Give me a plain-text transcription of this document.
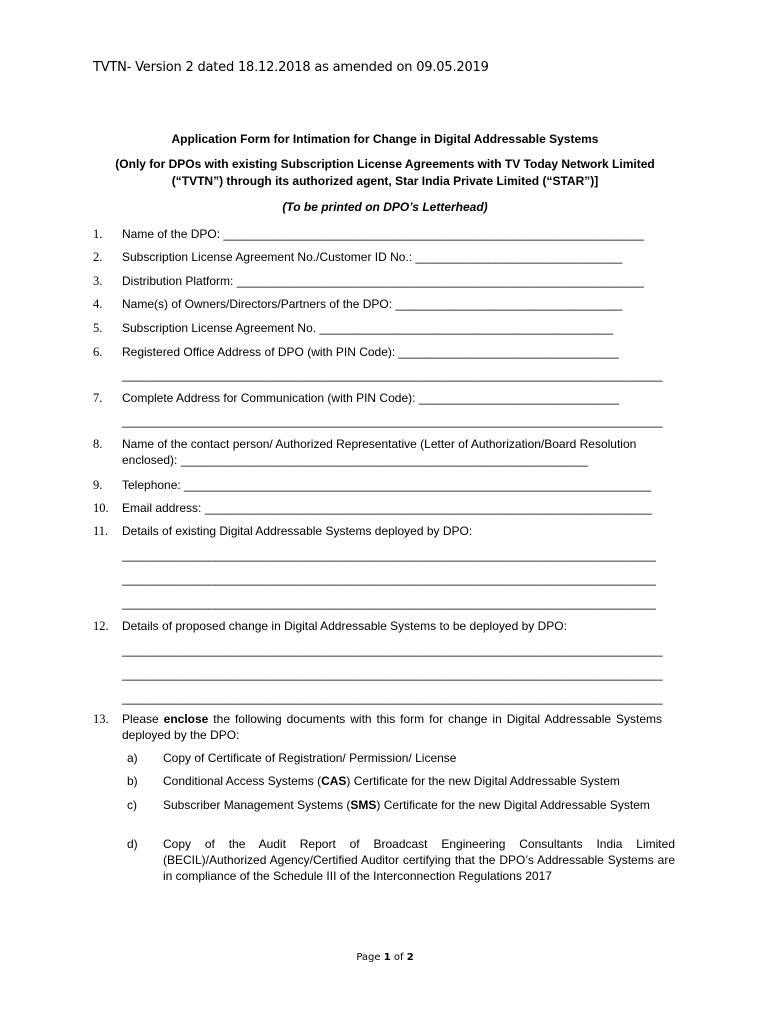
TVTN- Version 2 dated 18.12.2018 as amended on 09.05.2019
Application Form for Intimation for Change in Digital Addressable Systems
(Only for DPOs with existing Subscription License Agreements with TV Today Network Limited (“TVTN”) through its authorized agent, Star India Private Limited (“STAR”)]
(To be printed on DPO’s Letterhead)
1. Name of the DPO: _______________________________________________________________
2. Subscription License Agreement No./Customer ID No.: _______________________________
3. Distribution Platform: _____________________________________________________________
4. Name(s) of Owners/Directors/Partners of the DPO: __________________________________
5. Subscription License Agreement No. ____________________________________________
6. Registered Office Address of DPO (with PIN Code): _________________________________
_________________________________________________________________________________
7. Complete Address for Communication (with PIN Code): ______________________________
_________________________________________________________________________________
8. Name of the contact person/ Authorized Representative (Letter of Authorization/Board Resolution enclosed): _____________________________________________________________
9. Telephone: ______________________________________________________________________
10. Email address: ___________________________________________________________________
11. Details of existing Digital Addressable Systems deployed by DPO:
________________________________________________________________________________
________________________________________________________________________________
________________________________________________________________________________
12. Details of proposed change in Digital Addressable Systems to be deployed by DPO:
_________________________________________________________________________________
_________________________________________________________________________________
_________________________________________________________________________________
13. Please enclose the following documents with this form for change in Digital Addressable Systems deployed by the DPO:
a) Copy of Certificate of Registration/ Permission/ License
b) Conditional Access Systems (CAS) Certificate for the new Digital Addressable System
c) Subscriber Management Systems (SMS) Certificate for the new Digital Addressable System
d) Copy of the Audit Report of Broadcast Engineering Consultants India Limited (BECIL)/Authorized Agency/Certified Auditor certifying that the DPO’s Addressable Systems are in compliance of the Schedule III of the Interconnection Regulations 2017
Page 1 of 2
